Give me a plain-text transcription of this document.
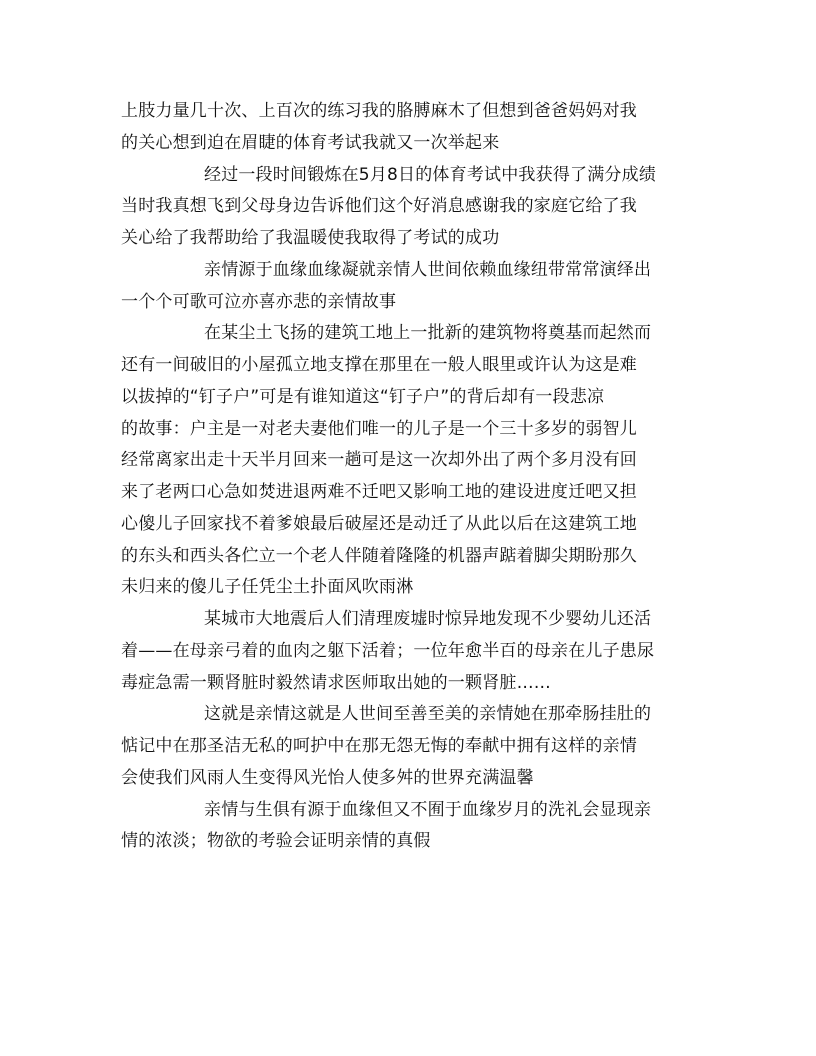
上肢力量几十次、上百次的练习我的胳膊麻木了但想到爸爸妈妈对我
的关心想到迫在眉睫的体育考试我就又一次举起来
经过一段时间锻炼在5月8日的体育考试中我获得了满分成绩
当时我真想飞到父母身边告诉他们这个好消息感谢我的家庭它给了我
关心给了我帮助给了我温暖使我取得了考试的成功
亲情源于血缘血缘凝就亲情人世间依赖血缘纽带常常演绎出
一个个可歌可泣亦喜亦悲的亲情故事
在某尘土飞扬的建筑工地上一批新的建筑物将奠基而起然而
还有一间破旧的小屋孤立地支撑在那里在一般人眼里或许认为这是难
以拔掉的“钉子户”可是有谁知道这“钉子户”的背后却有一段悲凉
的故事：户主是一对老夫妻他们唯一的儿子是一个三十多岁的弱智儿
经常离家出走十天半月回来一趟可是这一次却外出了两个多月没有回
来了老两口心急如焚进退两难不迁吧又影响工地的建设进度迁吧又担
心傻儿子回家找不着爹娘最后破屋还是动迁了从此以后在这建筑工地
的东头和西头各伫立一个老人伴随着隆隆的机器声踮着脚尖期盼那久
未归来的傻儿子任凭尘土扑面风吹雨淋
某城市大地震后人们清理废墟时惊异地发现不少婴幼儿还活
着——在母亲弓着的血肉之躯下活着；一位年愈半百的母亲在儿子患尿
毒症急需一颗肾脏时毅然请求医师取出她的一颗肾脏……
这就是亲情这就是人世间至善至美的亲情她在那牵肠挂肚的
惦记中在那圣洁无私的呵护中在那无怨无悔的奉献中拥有这样的亲情
会使我们风雨人生变得风光怡人使多舛的世界充满温馨
亲情与生俱有源于血缘但又不囿于血缘岁月的洗礼会显现亲
情的浓淡；物欲的考验会证明亲情的真假
